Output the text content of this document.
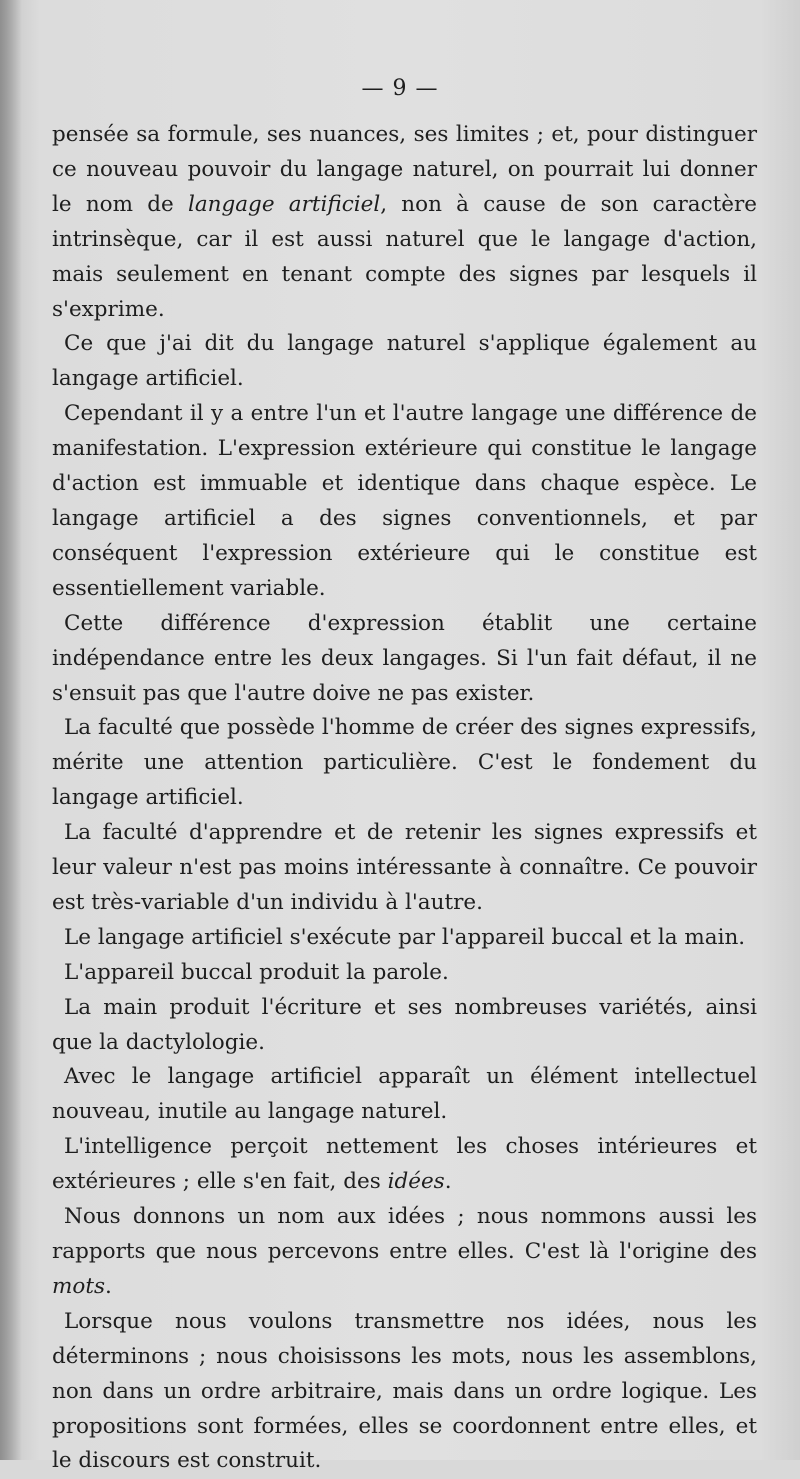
— 9 —

pensée sa formule, ses nuances, ses limites ; et, pour distinguer ce nouveau pouvoir du langage naturel, on pourrait lui donner le nom de langage artificiel, non à cause de son caractère intrinsèque, car il est aussi naturel que le langage d'action, mais seulement en tenant compte des signes par lesquels il s'exprime.

Ce que j'ai dit du langage naturel s'applique également au langage artificiel.

Cependant il y a entre l'un et l'autre langage une différence de manifestation. L'expression extérieure qui constitue le langage d'action est immuable et identique dans chaque espèce. Le langage artificiel a des signes conventionnels, et par conséquent l'expression extérieure qui le constitue est essentiellement variable.

Cette différence d'expression établit une certaine indépendance entre les deux langages. Si l'un fait défaut, il ne s'ensuit pas que l'autre doive ne pas exister.

La faculté que possède l'homme de créer des signes expressifs, mérite une attention particulière. C'est le fondement du langage artificiel.

La faculté d'apprendre et de retenir les signes expressifs et leur valeur n'est pas moins intéressante à connaître. Ce pouvoir est très-variable d'un individu à l'autre.

Le langage artificiel s'exécute par l'appareil buccal et la main.

L'appareil buccal produit la parole.

La main produit l'écriture et ses nombreuses variétés, ainsi que la dactylologie.

Avec le langage artificiel apparaît un élément intellectuel nouveau, inutile au langage naturel.

L'intelligence perçoit nettement les choses intérieures et extérieures ; elle s'en fait, des idées.

Nous donnons un nom aux idées ; nous nommons aussi les rapports que nous percevons entre elles. C'est là l'origine des mots.

Lorsque nous voulons transmettre nos idées, nous les déterminons ; nous choisissons les mots, nous les assemblons, non dans un ordre arbitraire, mais dans un ordre logique. Les propositions sont formées, elles se coordonnent entre elles, et le discours est construit.
